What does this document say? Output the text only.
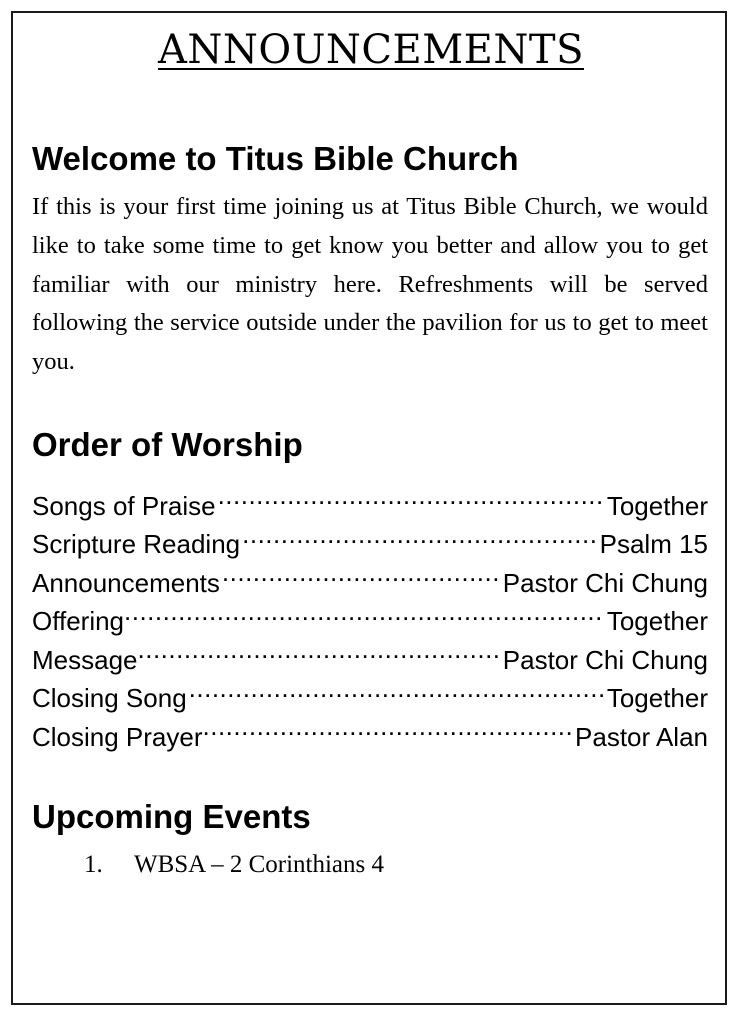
ANNOUNCEMENTS
Welcome to Titus Bible Church
If this is your first time joining us at Titus Bible Church, we would like to take some time to get know you better and allow you to get familiar with our ministry here. Refreshments will be served following the service outside under the pavilion for us to get to meet you.
Order of Worship
Songs of Praise .....	Together
Scripture Reading .....	Psalm 15
Announcements .....	Pastor Chi Chung
Offering .....	Together
Message .....	Pastor Chi Chung
Closing Song .....	Together
Closing Prayer .....	Pastor Alan
Upcoming Events
1.	WBSA – 2 Corinthians 4
